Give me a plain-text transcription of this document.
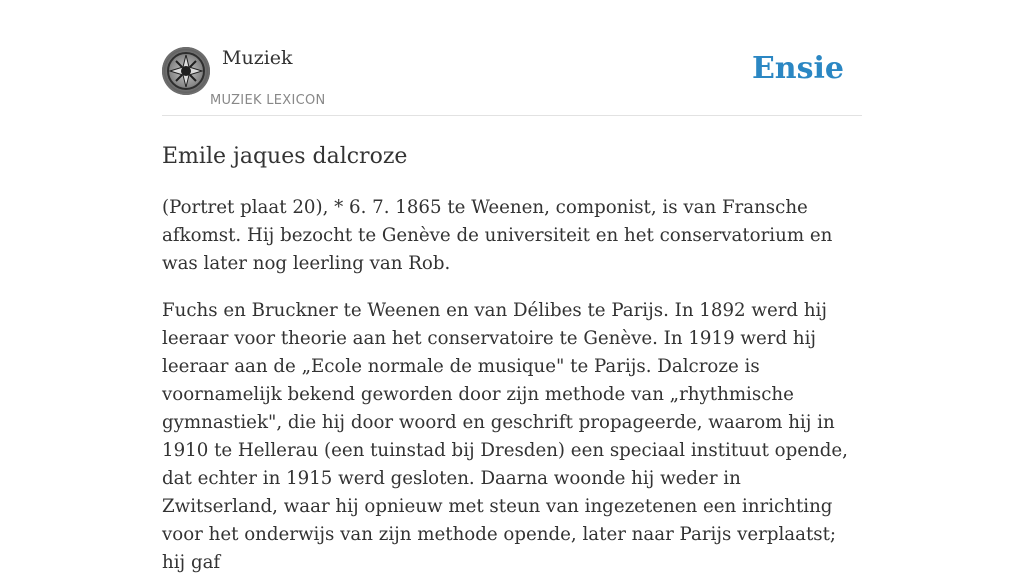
Muziek
MUZIEK LEXICON
Ensie
Emile jaques dalcroze

(Portret plaat 20), * 6. 7. 1865 te Weenen, componist, is van Fransche afkomst. Hij bezocht te Genève de universiteit en het conservatorium en was later nog leerling van Rob.

Fuchs en Bruckner te Weenen en van Délibes te Parijs. In 1892 werd hij leeraar voor theorie aan het conservatoire te Genève. In 1919 werd hij leeraar aan de „Ecole normale de musique" te Parijs. Dalcroze is voornamelijk bekend geworden door zijn methode van „rhythmische gymnastiek", die hij door woord en geschrift propageerde, waarom hij in 1910 te Hellerau (een tuinstad bij Dresden) een speciaal instituut opende, dat echter in 1915 werd gesloten. Daarna woonde hij weder in Zwitserland, waar hij opnieuw met steun van ingezetenen een inrichting voor het onderwijs van zijn methode opende, later naar Parijs verplaatst; hij gaf
